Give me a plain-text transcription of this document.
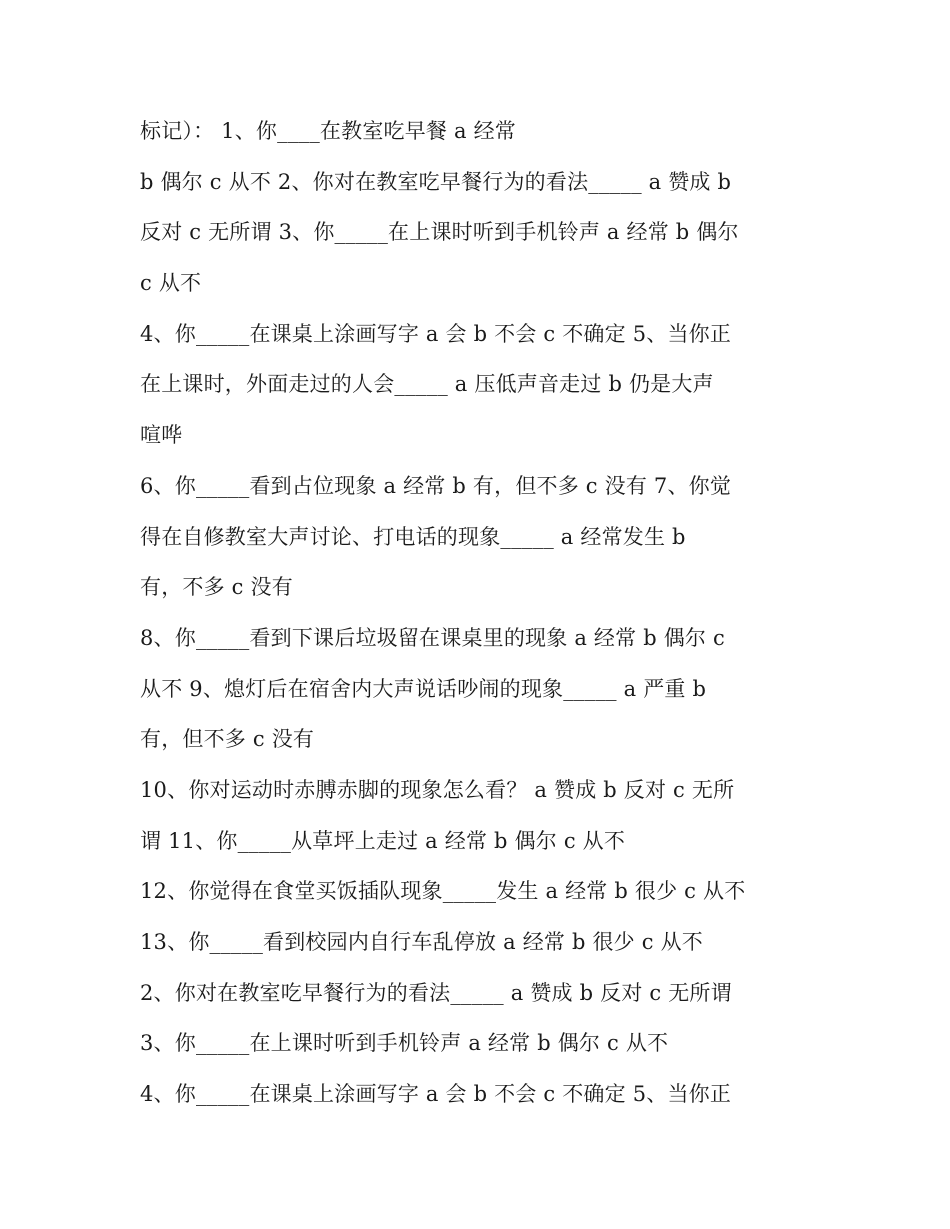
标记）： 1、你____在教室吃早餐 a 经常
b 偶尔 c 从不 2、你对在教室吃早餐行为的看法_____ a 赞成 b
反对 c 无所谓 3、你_____在上课时听到手机铃声 a 经常 b 偶尔
c 从不
4、你_____在课桌上涂画写字 a 会 b 不会 c 不确定 5、当你正
在上课时，外面走过的人会_____ a 压低声音走过 b 仍是大声
喧哗
6、你_____看到占位现象 a 经常 b 有，但不多 c 没有 7、你觉
得在自修教室大声讨论、打电话的现象_____ a 经常发生 b
有，不多 c 没有
8、你_____看到下课后垃圾留在课桌里的现象 a 经常 b 偶尔 c
从不 9、熄灯后在宿舍内大声说话吵闹的现象_____ a 严重 b
有，但不多 c 没有
10、你对运动时赤膊赤脚的现象怎么看？ a 赞成 b 反对 c 无所
谓 11、你_____从草坪上走过 a 经常 b 偶尔 c 从不
12、你觉得在食堂买饭插队现象_____发生 a 经常 b 很少 c 从不
13、你_____看到校园内自行车乱停放 a 经常 b 很少 c 从不
2、你对在教室吃早餐行为的看法_____ a 赞成 b 反对 c 无所谓
3、你_____在上课时听到手机铃声 a 经常 b 偶尔 c 从不
4、你_____在课桌上涂画写字 a 会 b 不会 c 不确定 5、当你正
